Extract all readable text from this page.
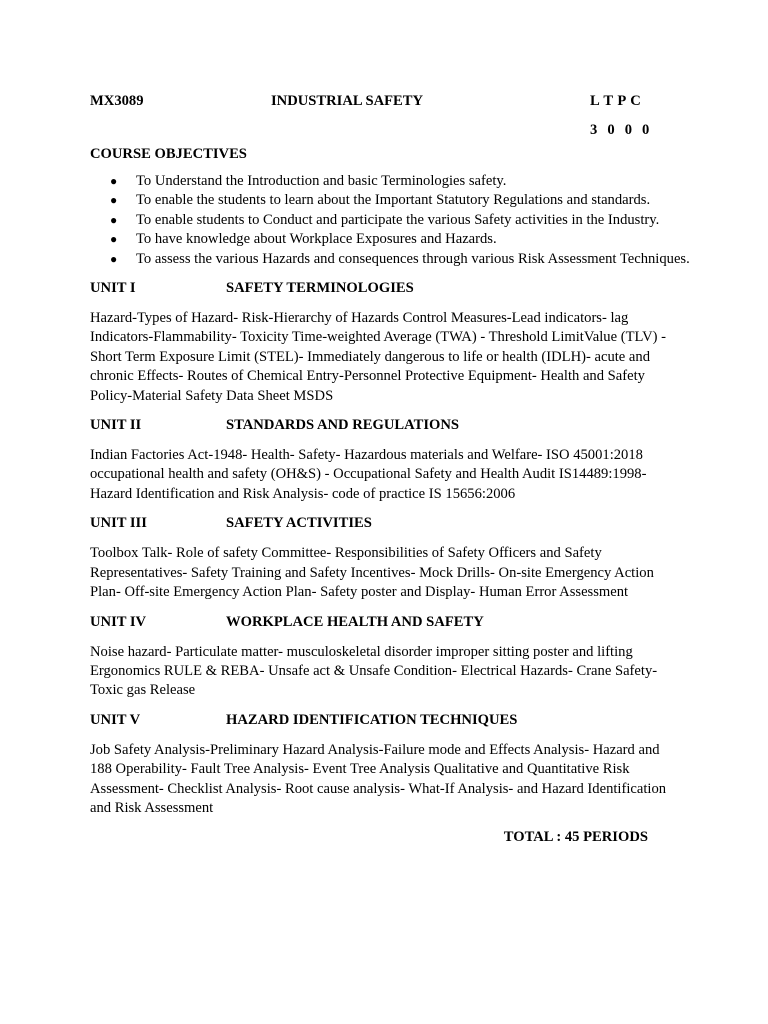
MX3089	INDUSTRIAL SAFETY	L T P C
3 0 0 0
COURSE OBJECTIVES
● To Understand the Introduction and basic Terminologies safety.
● To enable the students to learn about the Important Statutory Regulations and standards.
● To enable students to Conduct and participate the various Safety activities in the Industry.
● To have knowledge about Workplace Exposures and Hazards.
● To assess the various Hazards and consequences through various Risk Assessment Techniques.
UNIT I	SAFETY TERMINOLOGIES
Hazard-Types of Hazard- Risk-Hierarchy of Hazards Control Measures-Lead indicators- lag Indicators-Flammability- Toxicity Time-weighted Average (TWA) - Threshold LimitValue (TLV) - Short Term Exposure Limit (STEL)- Immediately dangerous to life or health (IDLH)- acute and chronic Effects- Routes of Chemical Entry-Personnel Protective Equipment- Health and Safety Policy-Material Safety Data Sheet MSDS
UNIT II	STANDARDS AND REGULATIONS
Indian Factories Act-1948- Health- Safety- Hazardous materials and Welfare- ISO 45001:2018 occupational health and safety (OH&S) - Occupational Safety and Health Audit IS14489:1998- Hazard Identification and Risk Analysis- code of practice IS 15656:2006
UNIT III	SAFETY ACTIVITIES
Toolbox Talk- Role of safety Committee- Responsibilities of Safety Officers and Safety Representatives- Safety Training and Safety Incentives- Mock Drills- On-site Emergency Action Plan- Off-site Emergency Action Plan- Safety poster and Display- Human Error Assessment
UNIT IV	WORKPLACE HEALTH AND SAFETY
Noise hazard- Particulate matter- musculoskeletal disorder improper sitting poster and lifting Ergonomics RULE & REBA- Unsafe act & Unsafe Condition- Electrical Hazards- Crane Safety- Toxic gas Release
UNIT V	HAZARD IDENTIFICATION TECHNIQUES
Job Safety Analysis-Preliminary Hazard Analysis-Failure mode and Effects Analysis- Hazard and 188 Operability- Fault Tree Analysis- Event Tree Analysis Qualitative and Quantitative Risk Assessment- Checklist Analysis- Root cause analysis- What-If Analysis- and Hazard Identification and Risk Assessment
TOTAL : 45 PERIODS
